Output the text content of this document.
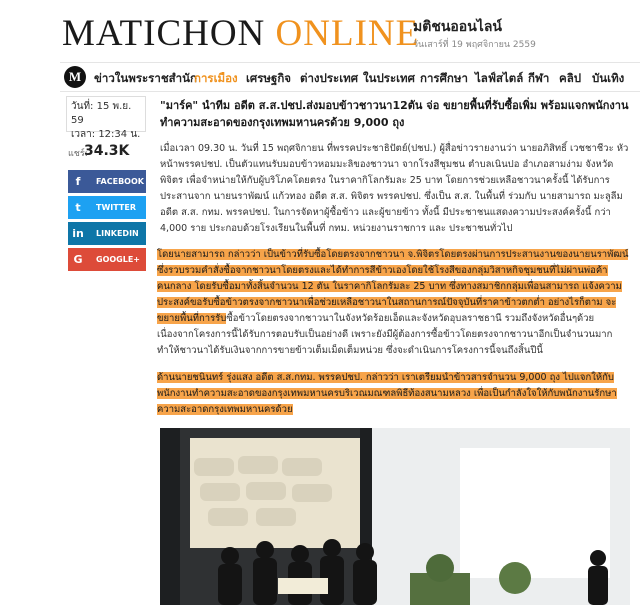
MATICHON ONLINE
มติชนออนไลน์
วันเสาร์ที่ 19 พฤศจิกายน 2559
M	ข่าวในพระราชสำนัก
การเมือง เศรษฐกิจ ต่างประเทศ ในประเทศ การศึกษา ไลฟ์สไตล์ กีฬา คลิป บันเทิง
วันที่: 15 พ.ย. 59
เวลา: 12:34 น.
แชร์:
34.3K
f FACEBOOK
t TWITTER
in LINKEDIN
G GOOGLE+
"มาร์ค" นำทีม อดีต ส.ส.ปชป.ส่งมอบข้าวชาวนา12ตัน จ่อ ขยายพื้นที่รับซื้อเพิ่ม พร้อมแจกพนักงานทำความสะอาดของกรุงเทพมหานครด้วย 9,000 ถุง
เมื่อเวลา 09.30 น. วันที่ 15 พฤศจิกายน ที่พรรคประชาธิปัตย์(ปชป.) ผู้สื่อข่าวรายงานว่า นายอภิสิทธิ์ เวชชาชีวะ หัวหน้าพรรคปชป. เป็นตัวแทนรับมอบข้าวหอมมะลิของชาวนา จากโรงสีชุมชน ตำบลเนินปอ อำเภอสามง่าม จังหวัดพิจิตร เพื่อจำหน่ายให้กับผู้บริโภคโดยตรง ในราคากิโลกรัมละ 25 บาท โดยการช่วยเหลือชาวนาครั้งนี้ ได้รับการประสานจาก นายนราพัฒน์ แก้วทอง อดีต ส.ส. พิจิตร พรรคปชป. ซึ่งเป็น ส.ส. ในพื้นที่ ร่วมกับ นายสามารถ มะลูลีม อดีต ส.ส. กทม. พรรคปชป. ในการจัดหาผู้ซื้อข้าว และผู้ขายข้าว ทั้งนี้ มีประชาชนแสดงความประสงค์ครั้งนี้ กว่า 4,000 ราย ประกอบด้วยโรงเรียนในพื้นที่ กทม. หน่วยงานราชการ และ ประชาชนทั่วไป
โดยนายสามารถ กล่าวว่า เป็นข้าวที่รับซื้อโดยตรงจากชาวนา จ.พิจิตรโดยตรงผ่านการประสานงานของนายนราพัฒน์ ซึ่งรวบรวมคำสั่งซื้อจากชาวนาโดยตรงและได้ทำการสีข้าวเองโดยใช้โรงสีของกลุ่มวิสาหกิจชุมชนที่ไม่ผ่านพ่อค้าคนกลาง โดยรับซื้อมาทั้งสิ้นจำนวน 12 ตัน ในราคากิโลกรัมละ 25 บาท ซึ่งทางสมาชิกกลุ่มเพื่อนสามารถ แจ้งความประสงค์ขอรับซื้อข้าวตรงจากชาวนาเพื่อช่วยเหลือชาวนาในสถานการณ์ปัจจุบันที่ราคาข้าวตกต่ำ อย่างไรก็ตาม จะขยายพื้นที่การรับซื้อข้าวโดยตรงจากชาวนาในจังหวัดร้อยเอ็ดและจังหวัดอุบลราชธานี รวมถึงจังหวัดอื่นๆด้วย เนื่องจากโครงการนี้ได้รับการตอบรับเป็นอย่างดี เพราะยังมีผู้ต้องการซื้อข้าวโดยตรงจากชาวนาอีกเป็นจำนวนมากทำให้ชาวนาได้รับเงินจากการขายข้าวเต็มเม็ดเต็มหน่วย ซึ่งจะดำเนินการโครงการนี้จนถึงสิ้นปีนี้
ด้านนายชนินทร์ รุ่งแสง อดีต ส.ส.กทม. พรรคปชป. กล่าวว่า เราเตรียมนำข้าวสารจำนวน 9,000 ถุง ไปแจกให้กับพนักงานทำความสะอาดของกรุงเทพมหานครบริเวณมณฑลพิธีท้องสนามหลวง เพื่อเป็นกำลังใจให้กับพนักงานรักษาความสะอาดกรุงเทพมหานครด้วย
